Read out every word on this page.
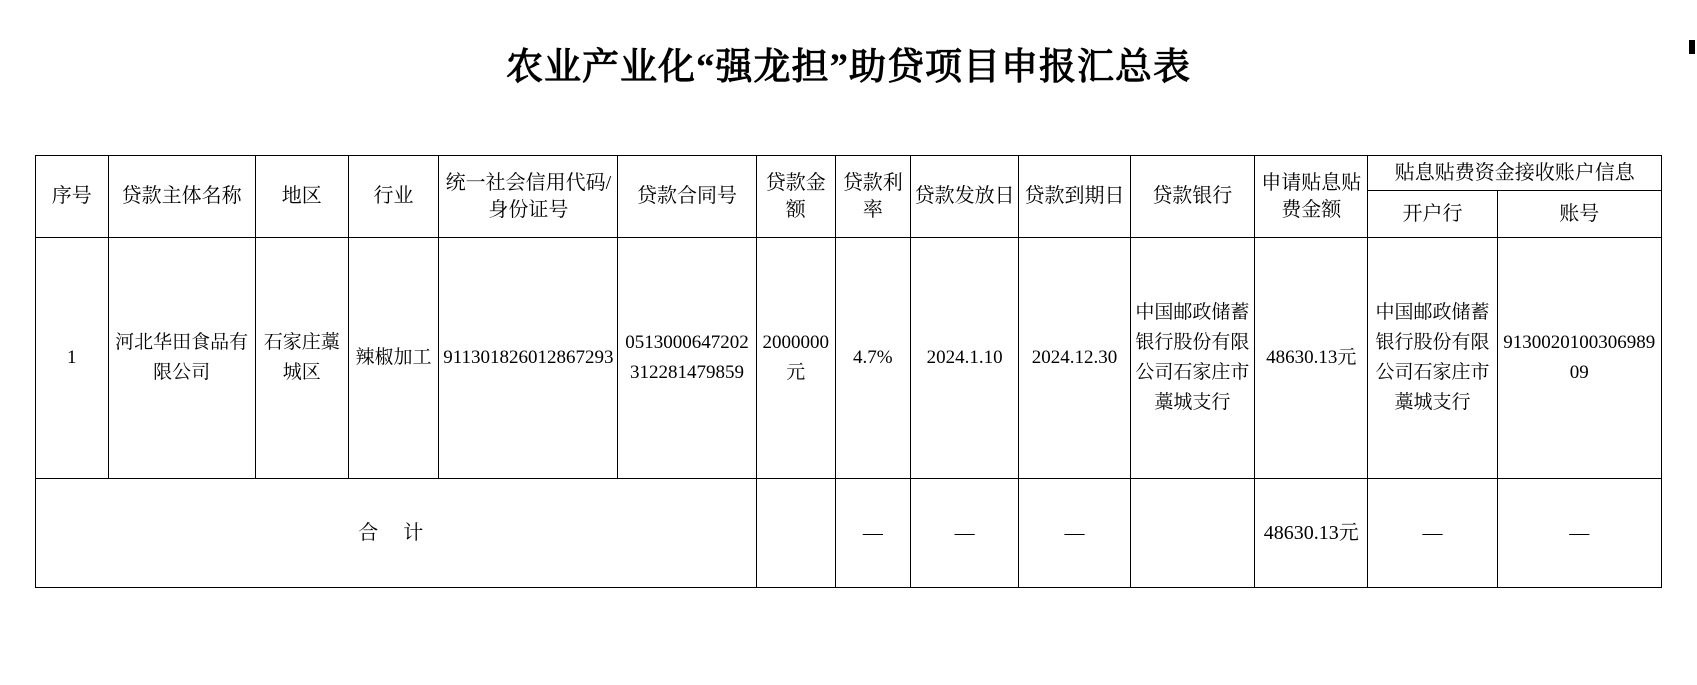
农业产业化“强龙担”助贷项目申报汇总表
序号	贷款主体名称	地区	行业	统一社会信用代码/身份证号	贷款合同号	贷款金额	贷款利率	贷款发放日	贷款到期日	贷款银行	申请贴息贴费金额	贴息贴费资金接收账户信息	
												开户行	账号
1	河北华田食品有限公司	石家庄藁城区	辣椒加工	911301826012867293	0513000647202312281479859	2000000元	4.7%	2024.1.10	2024.12.30	中国邮政储蓄银行股份有限公司石家庄市藁城支行	48630.13元	中国邮政储蓄银行股份有限公司石家庄市藁城支行	913002010030698909
合 计							—	—	—		48630.13元	—	—
